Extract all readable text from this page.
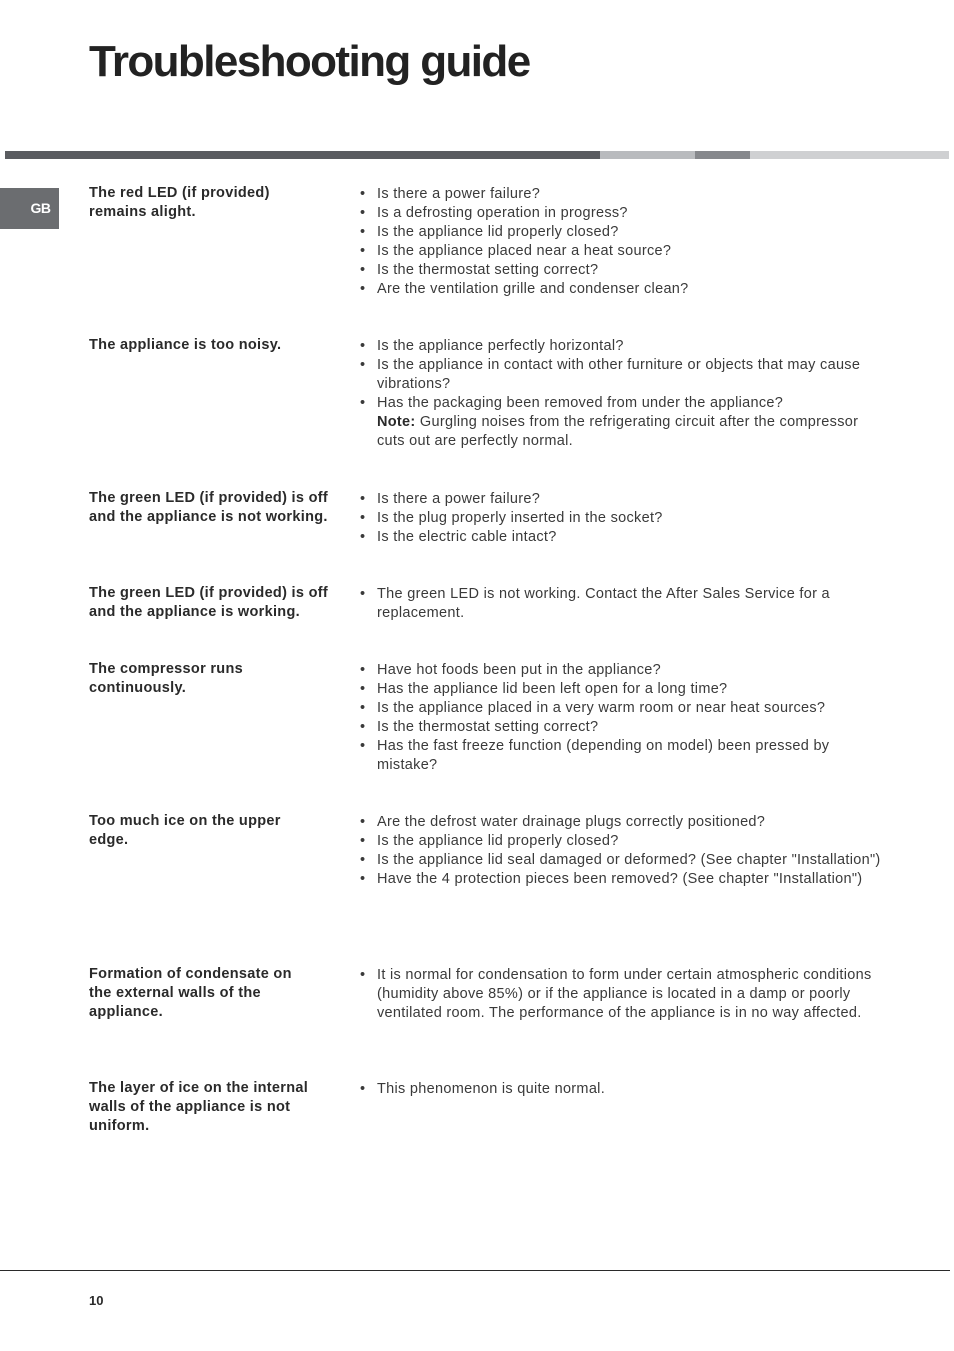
Troubleshooting guide
GB
The red LED (if provided) remains alight.
• Is there a power failure?
• Is a defrosting operation in progress?
• Is the appliance lid properly closed?
• Is the appliance placed near a heat source?
• Is the thermostat setting correct?
• Are the ventilation grille and condenser clean?
The appliance is too noisy.	• Is the appliance perfectly horizontal?
• Is the appliance in contact with other furniture or objects that may cause vibrations?
• Has the packaging been removed from under the appliance?
Note: Gurgling noises from the refrigerating circuit after the compressor cuts out are perfectly normal.
The green LED (if provided) is off and the appliance is not working.
• Is there a power failure?
• Is the plug properly inserted in the socket?
• Is the electric cable intact?
The green LED (if provided) is off and the appliance is working.
• The green LED is not working. Contact the After Sales Service for a replacement.
The compressor runs continuously.
• Have hot foods been put in the appliance?
• Has the appliance lid been left open for a long time?
• Is the appliance placed in a very warm room or near heat sources?
• Is the thermostat setting correct?
• Has the fast freeze function (depending on model) been pressed by mistake?
Too much ice on the upper edge.
• Are the defrost water drainage plugs correctly positioned?
• Is the appliance lid properly closed?
• Is the appliance lid seal damaged or deformed? (See chapter "Installation")
• Have the 4 protection pieces been removed? (See chapter "Installation")
Formation of condensate on the external walls of the appliance.
• It is normal for condensation to form under certain atmospheric conditions (humidity above 85%) or if the appliance is located in a damp or poorly ventilated room. The performance of the appliance is in no way affected.
The layer of ice on the internal walls of the appliance is not uniform.
• This phenomenon is quite normal.
10
